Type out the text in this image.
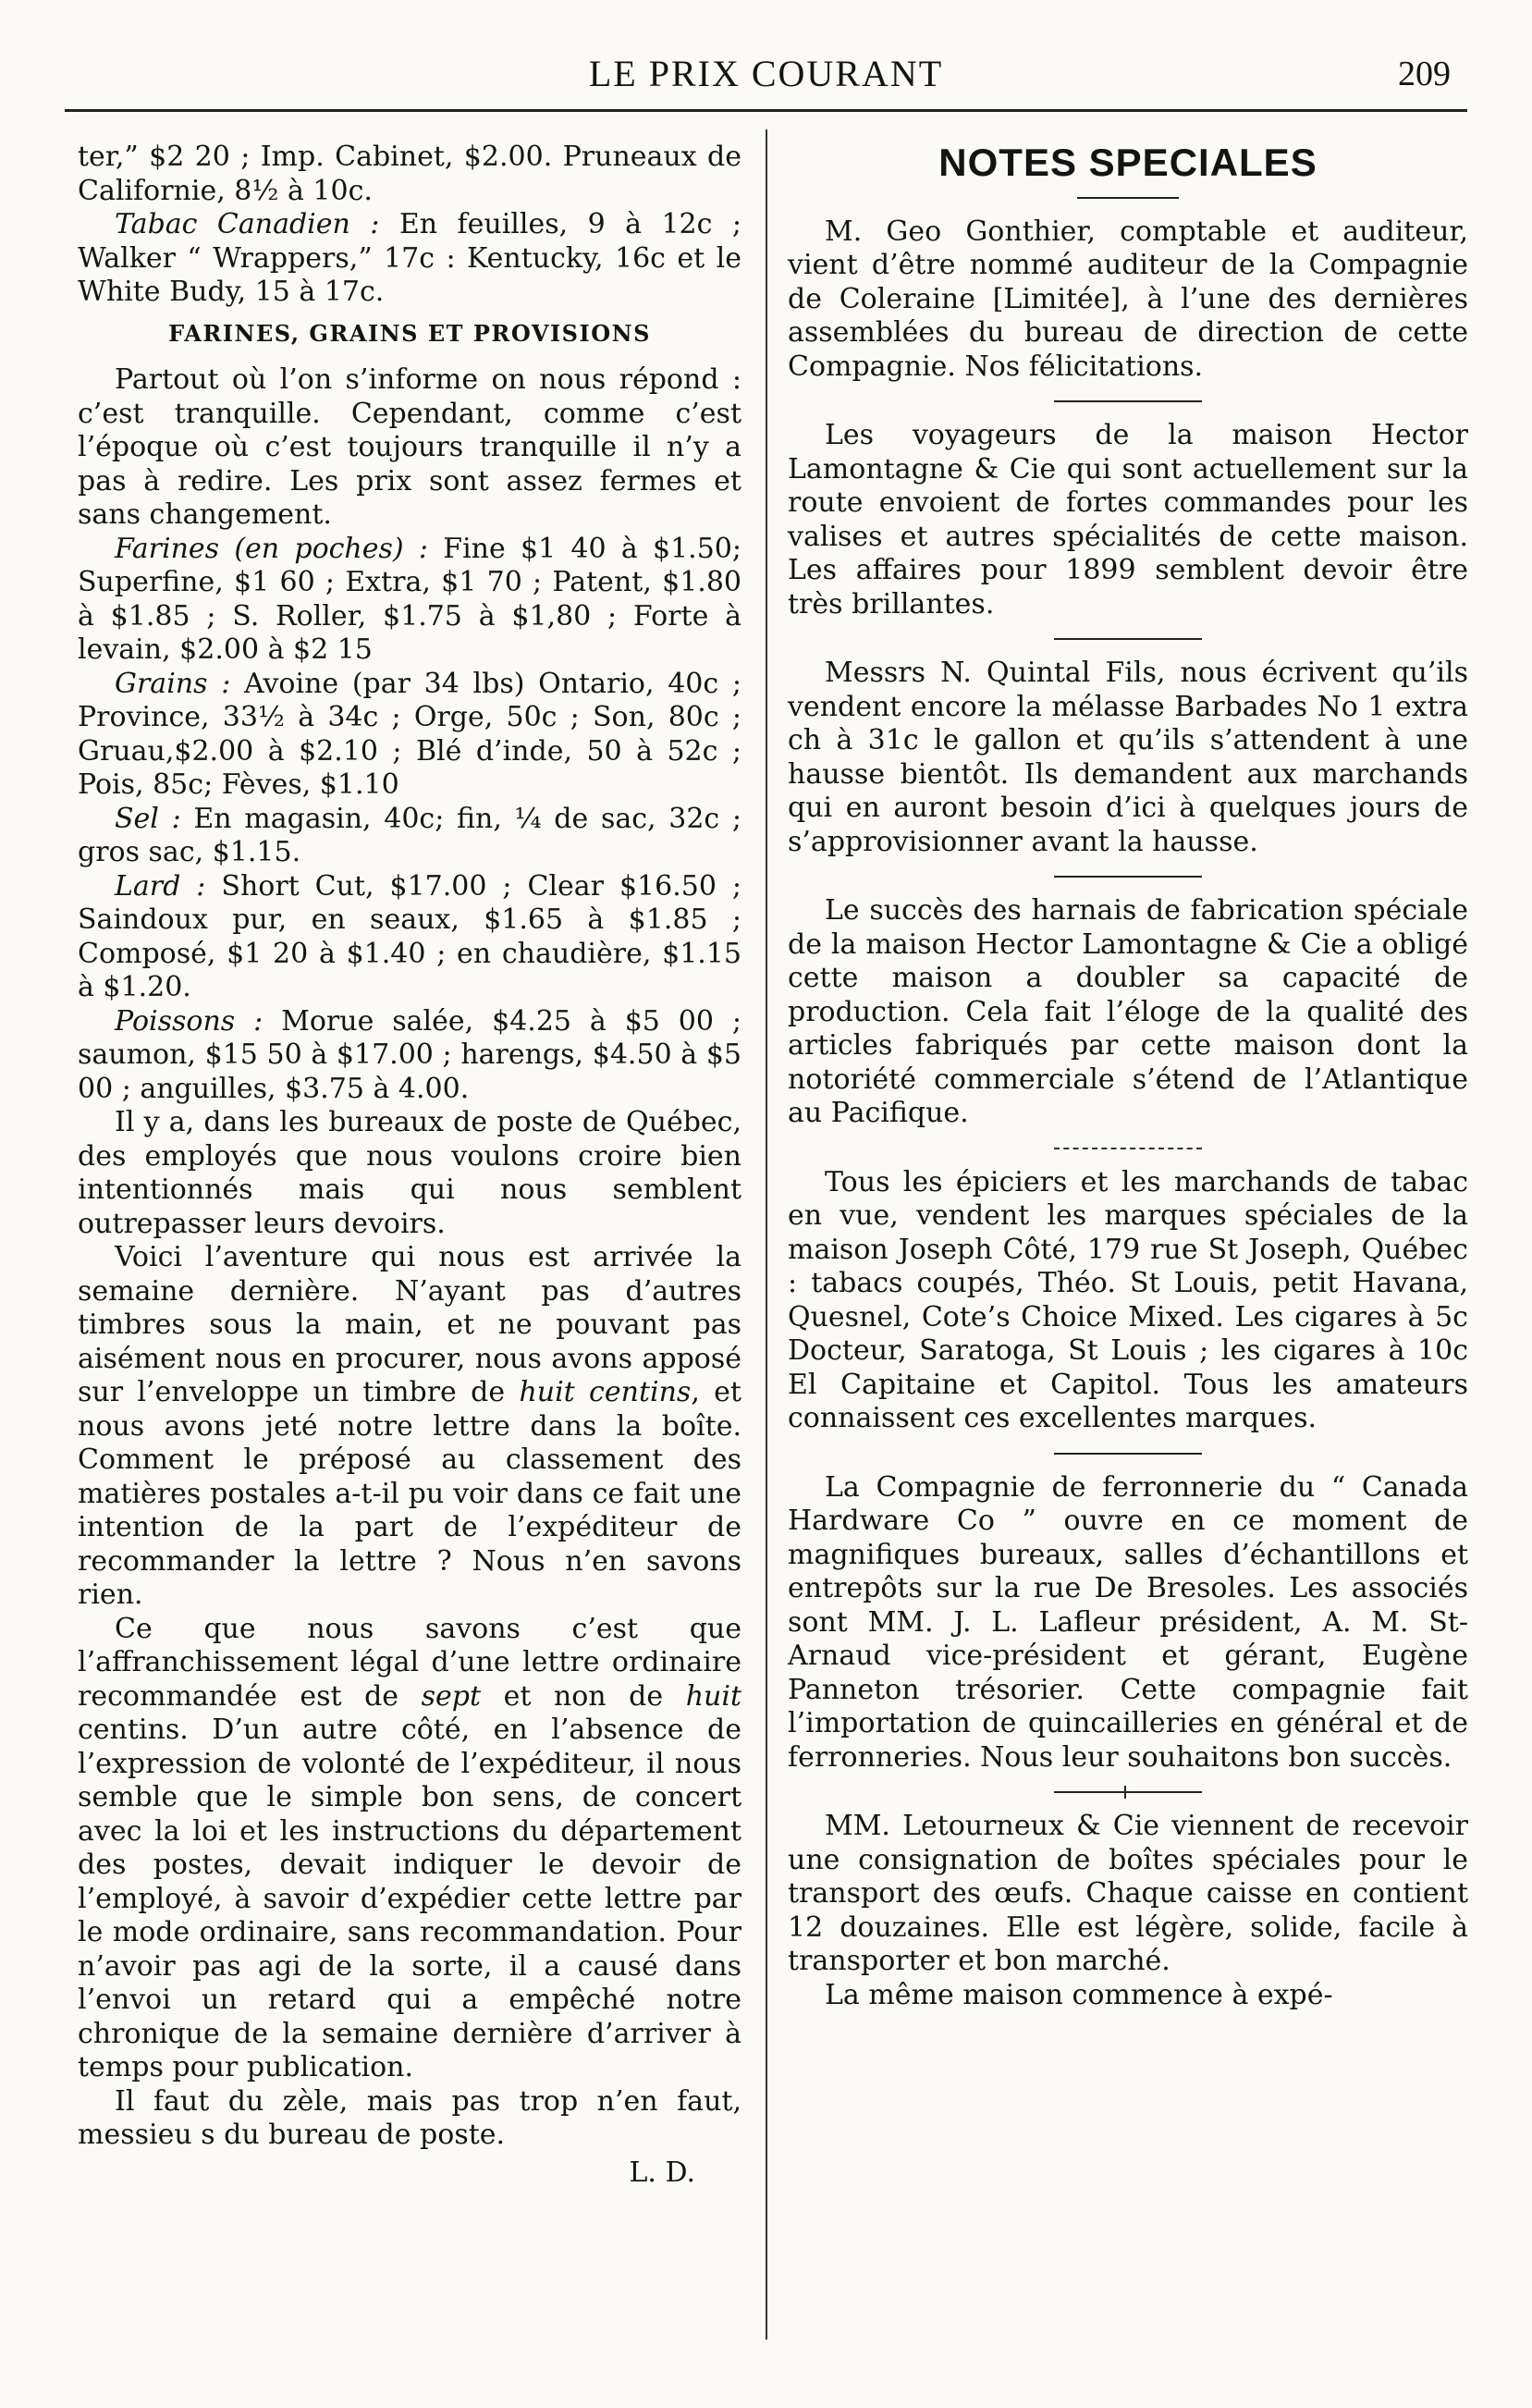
LE PRIX COURANT	209

ter,” $2 20 ; Imp. Cabinet, $2.00. Pruneaux de Californie, 8½ à 10c.

Tabac Canadien : En feuilles, 9 à 12c ; Walker “ Wrappers,” 17c : Kentucky, 16c et le White Budy, 15 à 17c.

FARINES, GRAINS ET PROVISIONS

Partout où l’on s’informe on nous répond : c’est tranquille. Cependant, comme c’est l’époque où c’est toujours tranquille il n’y a pas à redire. Les prix sont assez fermes et sans changement.

Farines (en poches) : Fine $1 40 à $1.50; Superfine, $1 60 ; Extra, $1 70 ; Patent, $1.80 à $1.85 ; S. Roller, $1.75 à $1,80 ; Forte à levain, $2.00 à $2 15

Grains : Avoine (par 34 lbs) Ontario, 40c ; Province, 33½ à 34c ; Orge, 50c ; Son, 80c ; Gruau,$2.00 à $2.10 ; Blé d’inde, 50 à 52c ; Pois, 85c; Fèves, $1.10

Sel : En magasin, 40c; fin, ¼ de sac, 32c ; gros sac, $1.15.

Lard : Short Cut, $17.00 ; Clear $16.50 ; Saindoux pur, en seaux, $1.65 à $1.85 ; Composé, $1 20 à $1.40 ; en chaudière, $1.15 à $1.20.

Poissons : Morue salée, $4.25 à $5 00 ; saumon, $15 50 à $17.00 ; harengs, $4.50 à $5 00 ; anguilles, $3.75 à 4.00.

Il y a, dans les bureaux de poste de Québec, des employés que nous voulons croire bien intentionnés mais qui nous semblent outrepasser leurs devoirs.

Voici l’aventure qui nous est arrivée la semaine dernière. N’ayant pas d’autres timbres sous la main, et ne pouvant pas aisément nous en procurer, nous avons apposé sur l’enveloppe un timbre de huit centins, et nous avons jeté notre lettre dans la boîte. Comment le préposé au classement des matières postales a-t-il pu voir dans ce fait une intention de la part de l’expéditeur de recommander la lettre ? Nous n’en savons rien.

Ce que nous savons c’est que l’affranchissement légal d’une lettre ordinaire recommandée est de sept et non de huit centins. D’un autre côté, en l’absence de l’expression de volonté de l’expéditeur, il nous semble que le simple bon sens, de concert avec la loi et les instructions du département des postes, devait indiquer le devoir de l’employé, à savoir d’expédier cette lettre par le mode ordinaire, sans recommandation. Pour n’avoir pas agi de la sorte, il a causé dans l’envoi un retard qui a empêché notre chronique de la semaine dernière d’arriver à temps pour publication.

Il faut du zèle, mais pas trop n’en faut, messieu s du bureau de poste.

L. D.
NOTES SPECIALES

M. Geo Gonthier, comptable et auditeur, vient d’être nommé auditeur de la Compagnie de Coleraine [Limitée], à l’une des dernières assemblées du bureau de direction de cette Compagnie. Nos félicitations.

Les voyageurs de la maison Hector Lamontagne & Cie qui sont actuellement sur la route envoient de fortes commandes pour les valises et autres spécialités de cette maison. Les affaires pour 1899 semblent devoir être très brillantes.

Messrs N. Quintal Fils, nous écrivent qu’ils vendent encore la mélasse Barbades No 1 extra ch à 31c le gallon et qu’ils s’attendent à une hausse bientôt. Ils demandent aux marchands qui en auront besoin d’ici à quelques jours de s’approvisionner avant la hausse.

Le succès des harnais de fabrication spéciale de la maison Hector Lamontagne & Cie a obligé cette maison a doubler sa capacité de production. Cela fait l’éloge de la qualité des articles fabriqués par cette maison dont la notoriété commerciale s’étend de l’Atlantique au Pacifique.

Tous les épiciers et les marchands de tabac en vue, vendent les marques spéciales de la maison Joseph Côté, 179 rue St Joseph, Québec : tabacs coupés, Théo. St Louis, petit Havana, Quesnel, Cote’s Choice Mixed. Les cigares à 5c Docteur, Saratoga, St Louis ; les cigares à 10c El Capitaine et Capitol. Tous les amateurs connaissent ces excellentes marques.

La Compagnie de ferronnerie du “ Canada Hardware Co ” ouvre en ce moment de magnifiques bureaux, salles d’échantillons et entrepôts sur la rue De Bresoles. Les associés sont MM. J. L. Lafleur président, A. M. St-Arnaud vice-président et gérant, Eugène Panneton trésorier. Cette compagnie fait l’importation de quincailleries en général et de ferronneries. Nous leur souhaitons bon succès.

MM. Letourneux & Cie viennent de recevoir une consignation de boîtes spéciales pour le transport des œufs. Chaque caisse en contient 12 douzaines. Elle est légère, solide, facile à transporter et bon marché.

La même maison commence à expé-
